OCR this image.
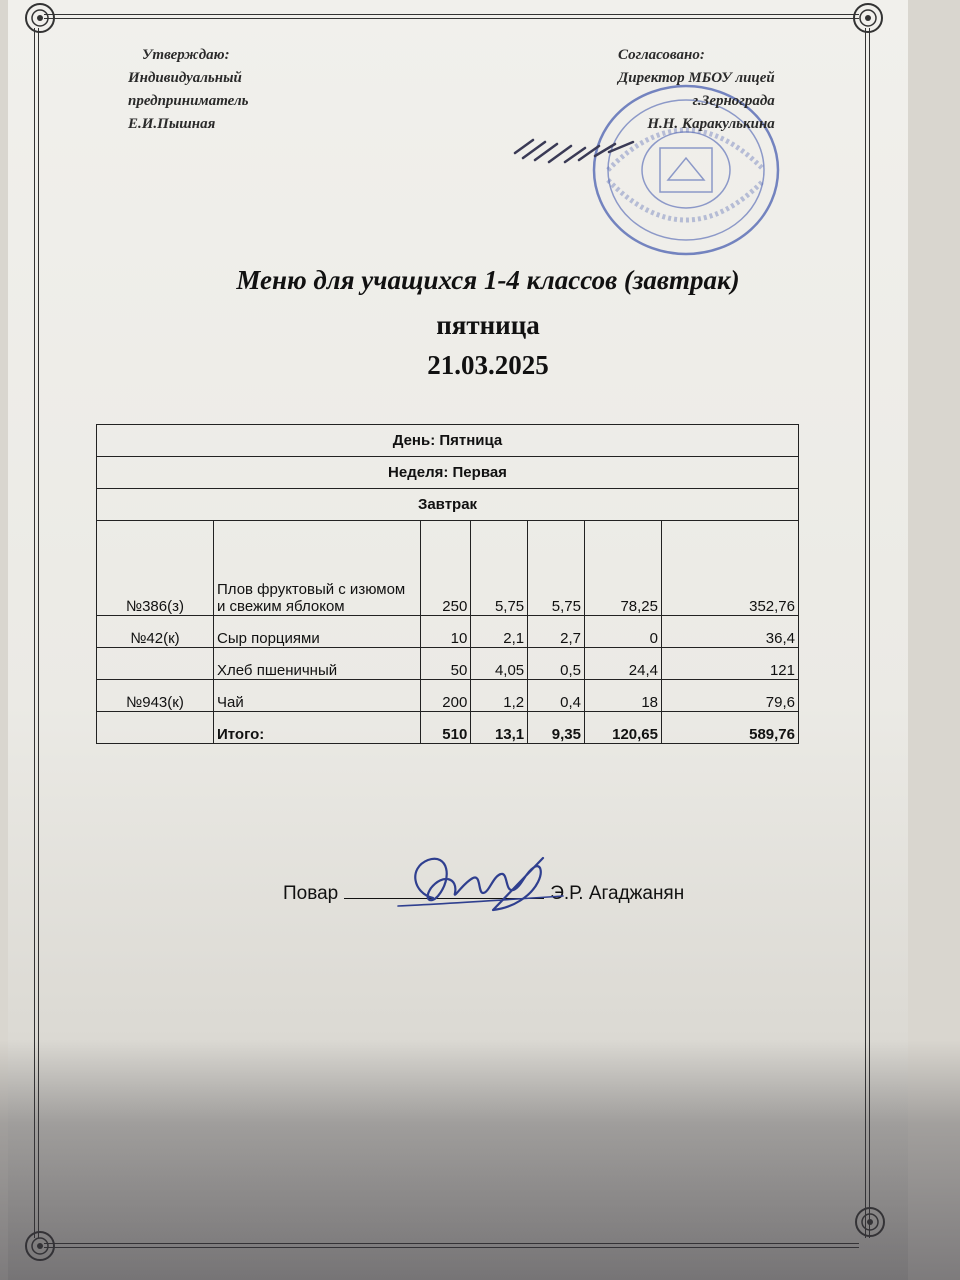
Утверждаю:
Индивидуальный
предприниматель
Е.И.Пышная
Согласовано:
Директор МБОУ лицей
г.Зернограда
Н.Н. Каракулькина
Меню для учащихся 1-4 классов (завтрак)
пятница
21.03.2025
День: Пятница						
Неделя: Первая						
Завтрак						
№386(з)	Плов фруктовый с изюмом и свежим яблоком	250	5,75	5,75	78,25	352,76
№42(к)	Сыр порциями	10	2,1	2,7	0	36,4
	Хлеб пшеничный	50	4,05	0,5	24,4	121
№943(к)	Чай	200	1,2	0,4	18	79,6
	Итого:	510	13,1	9,35	120,65	589,76
Повар	Э.Р. Агаджанян
